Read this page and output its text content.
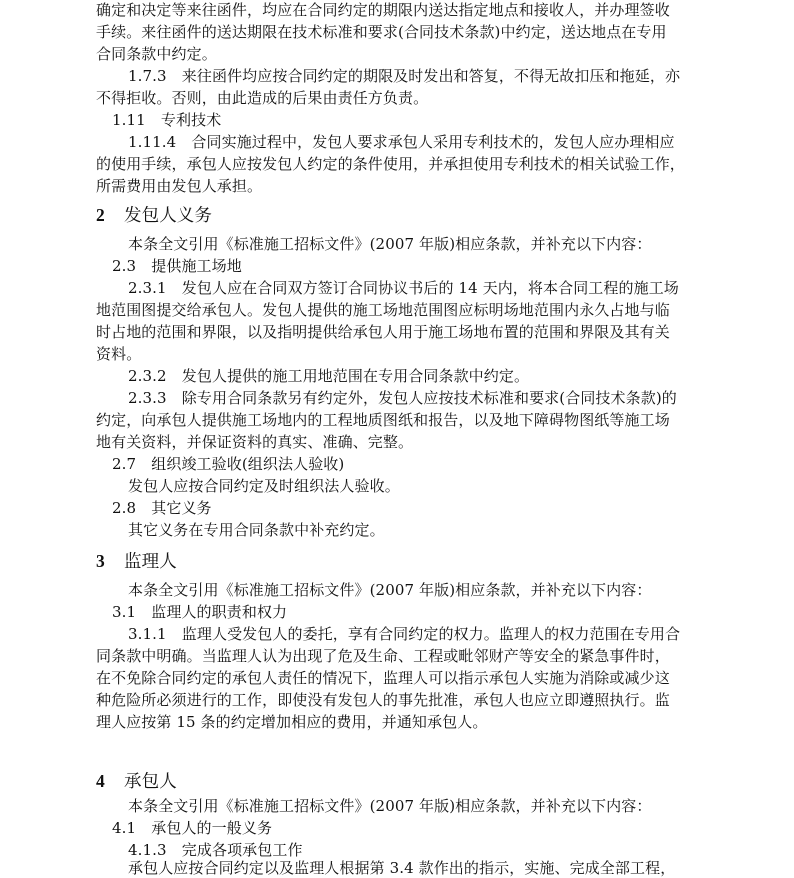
确定和决定等来往函件，均应在合同约定的期限内送达指定地点和接收人，并办理签收
手续。来往函件的送达期限在技术标准和要求(合同技术条款)中约定，送达地点在专用
合同条款中约定。
1.7.3　来往函件均应按合同约定的期限及时发出和答复，不得无故扣压和拖延，亦
不得拒收。否则，由此造成的后果由责任方负责。
1.11　专利技术
1.11.4　合同实施过程中，发包人要求承包人采用专利技术的，发包人应办理相应
的使用手续，承包人应按发包人约定的条件使用，并承担使用专利技术的相关试验工作，
所需费用由发包人承担。
2 发包人义务
本条全文引用《标准施工招标文件》(2007 年版)相应条款，并补充以下内容：
2.3　提供施工场地
2.3.1　发包人应在合同双方签订合同协议书后的 14 天内，将本合同工程的施工场
地范围图提交给承包人。发包人提供的施工场地范围图应标明场地范围内永久占地与临
时占地的范围和界限，以及指明提供给承包人用于施工场地布置的范围和界限及其有关
资料。
2.3.2　发包人提供的施工用地范围在专用合同条款中约定。
2.3.3　除专用合同条款另有约定外，发包人应按技术标准和要求(合同技术条款)的
约定，向承包人提供施工场地内的工程地质图纸和报告，以及地下障碍物图纸等施工场
地有关资料，并保证资料的真实、准确、完整。
2.7　组织竣工验收(组织法人验收)
发包人应按合同约定及时组织法人验收。
2.8　其它义务
其它义务在专用合同条款中补充约定。
3 监理人
本条全文引用《标准施工招标文件》(2007 年版)相应条款，并补充以下内容：
3.1　监理人的职责和权力
3.1.1　监理人受发包人的委托，享有合同约定的权力。监理人的权力范围在专用合
同条款中明确。当监理人认为出现了危及生命、工程或毗邻财产等安全的紧急事件时，
在不免除合同约定的承包人责任的情况下，监理人可以指示承包人实施为消除或减少这
种危险所必须进行的工作，即使没有发包人的事先批准，承包人也应立即遵照执行。监
理人应按第 15 条的约定增加相应的费用，并通知承包人。
4 承包人
本条全文引用《标准施工招标文件》(2007 年版)相应条款，并补充以下内容：
4.1　承包人的一般义务
4.1.3　完成各项承包工作
承包人应按合同约定以及监理人根据第 3.4 款作出的指示，实施、完成全部工程，
